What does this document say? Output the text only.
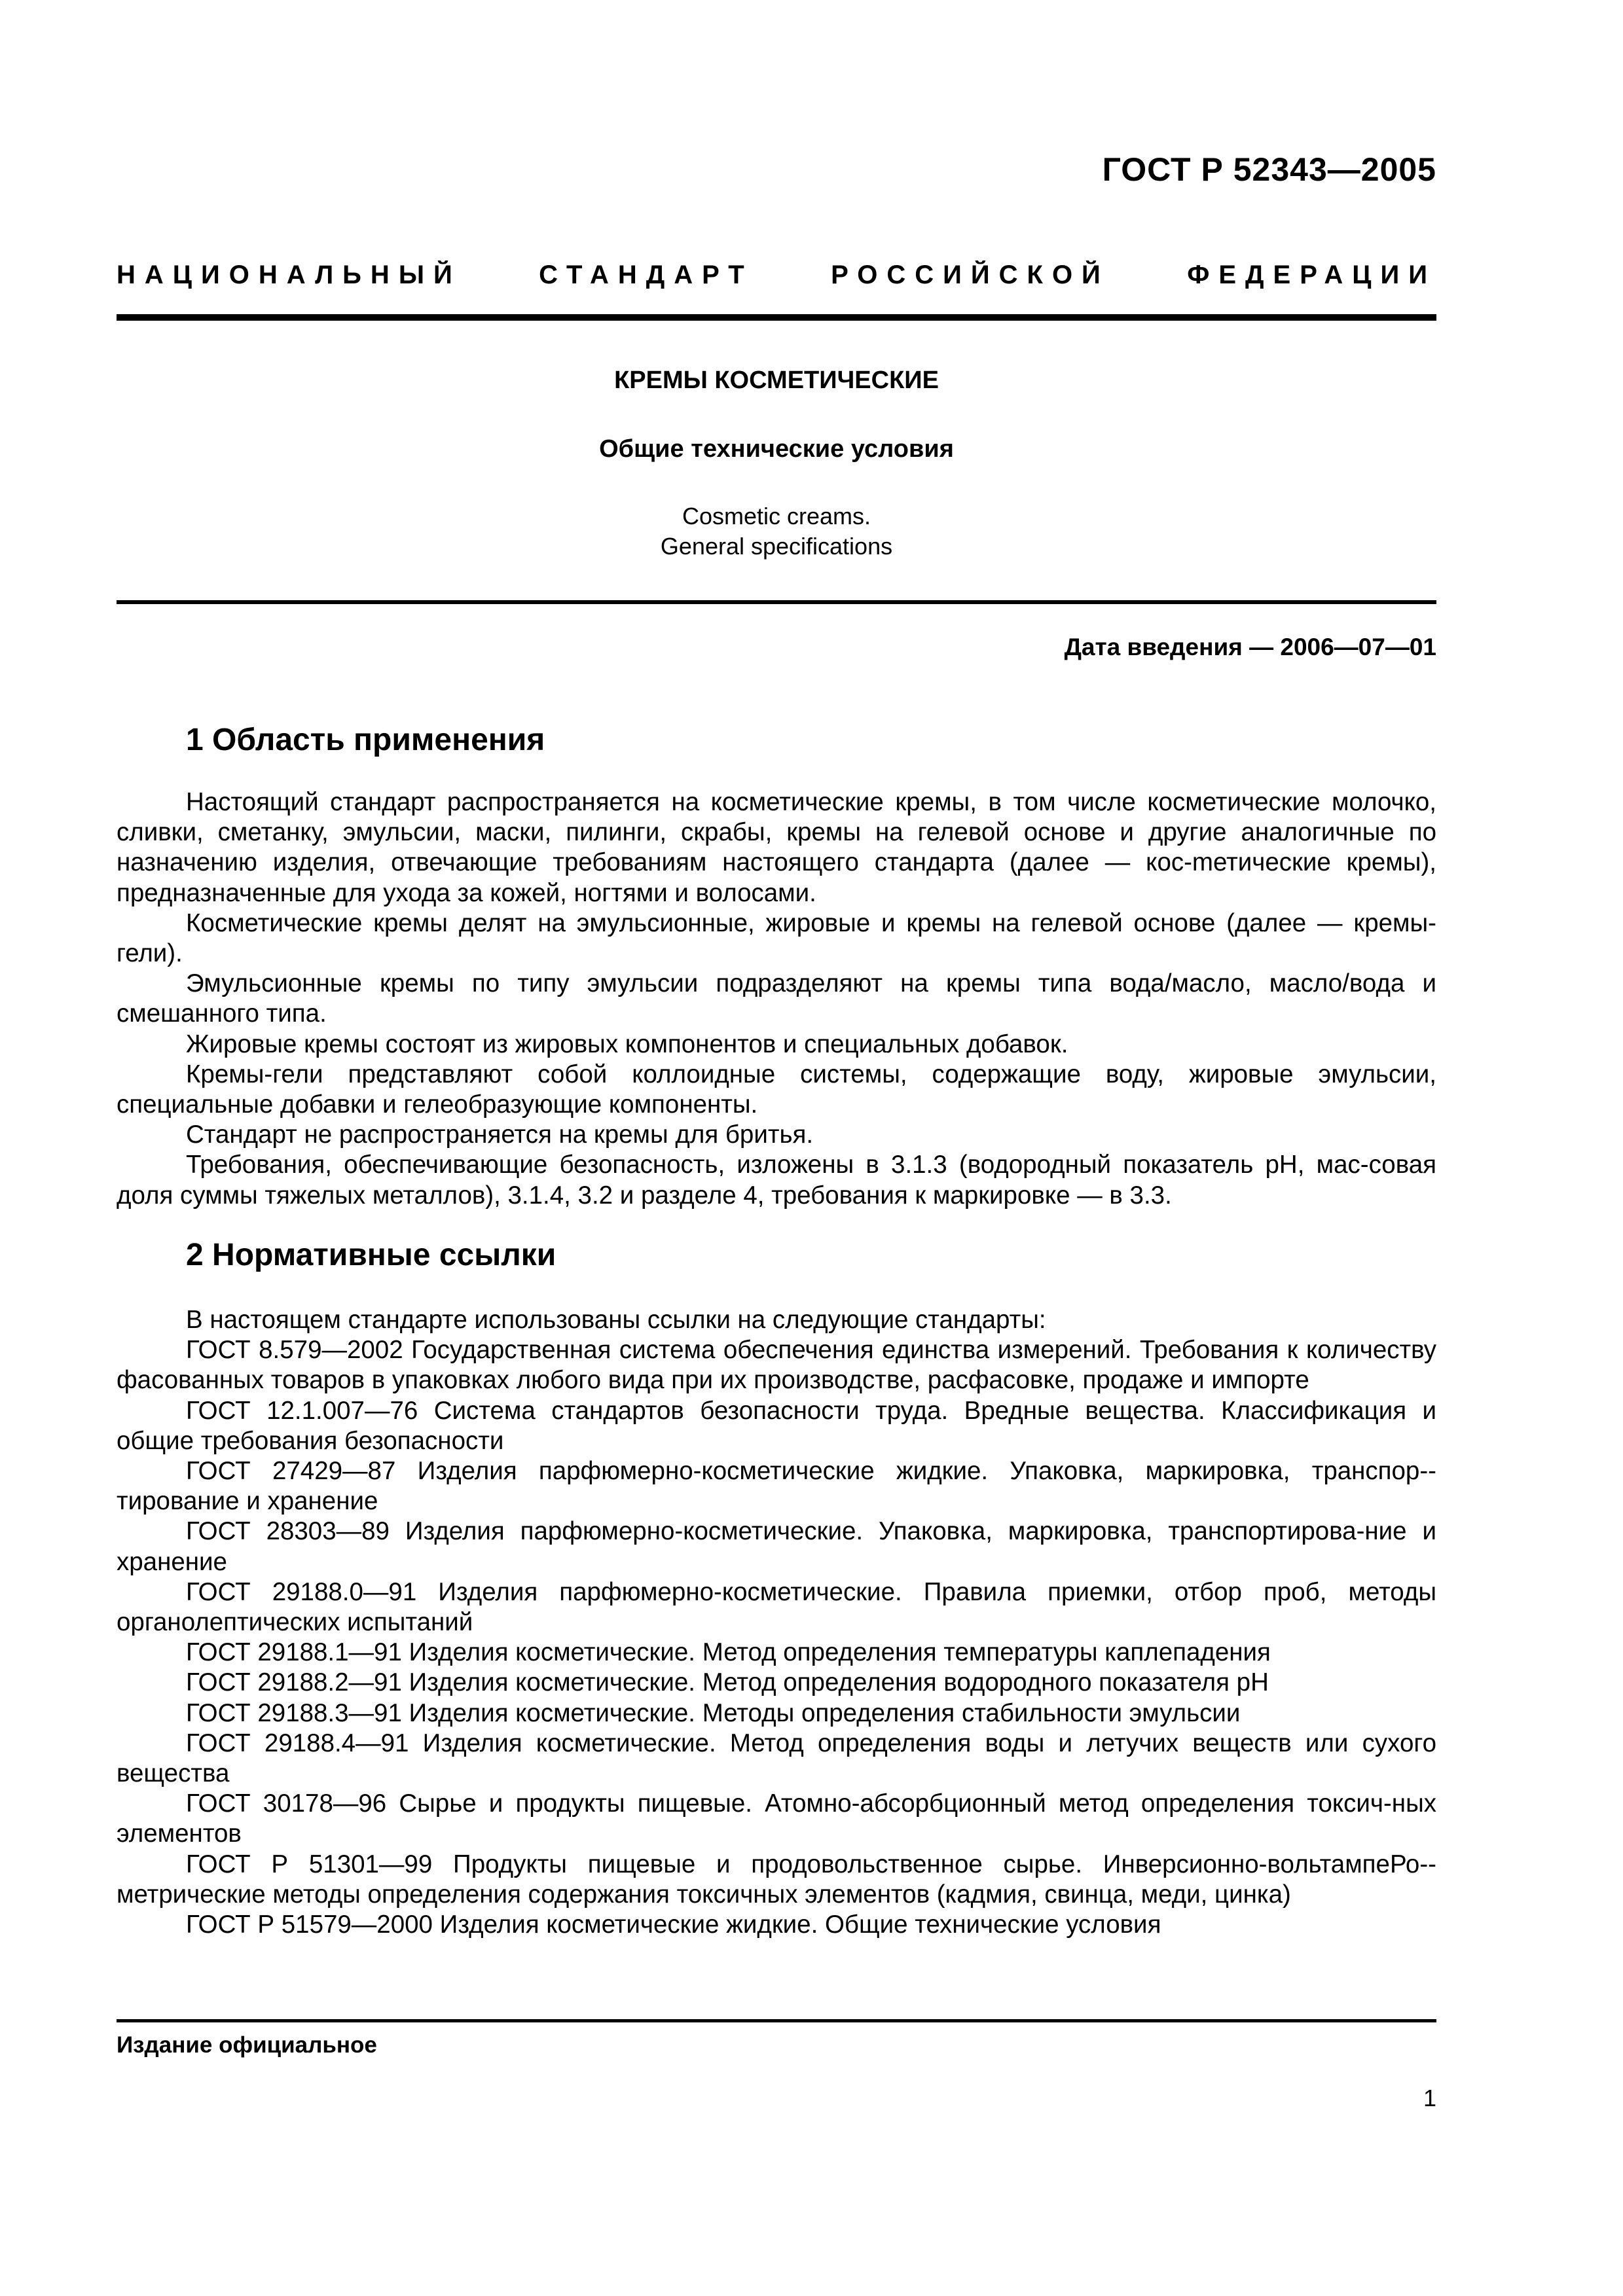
ГОСТ Р 52343—2005
НАЦИОНАЛЬНЫЙ СТАНДАРТ РОССИЙСКОЙ ФЕДЕРАЦИИ
КРЕМЫ КОСМЕТИЧЕСКИЕ
Общие технические условия
Cosmetic creams.
General specifications
Дата введения — 2006—07—01
1 Область применения

Настоящий стандарт распространяется на косметические кремы, в том числе косметические молочко, сливки, сметанку, эмульсии, маски, пилинги, скрабы, кремы на гелевой основе и другие аналогичные по назначению изделия, отвечающие требованиям настоящего стандарта (далее — кос-mетические кремы), предназначенные для ухода за кожей, ногтями и волосами.

Косметические кремы делят на эмульсионные, жировые и кремы на гелевой основе (далее — кремы-гели).

Эмульсионные кремы по типу эмульсии подразделяют на кремы типа вода/масло, масло/вода и смешанного типа.

Жировые кремы состоят из жировых компонентов и специальных добавок.

Кремы-гели представляют собой коллоидные системы, содержащие воду, жировые эмульсии, специальные добавки и гелеобразующие компоненты.

Стандарт не распространяется на кремы для бритья.

Требования, обеспечивающие безопасность, изложены в 3.1.3 (водородный показатель рН, мас-совая доля суммы тяжелых металлов), 3.1.4, 3.2 и разделе 4, требования к маркировке — в 3.3.

2 Нормативные ссылки

В настоящем стандарте использованы ссылки на следующие стандарты:

ГОСТ 8.579—2002 Государственная система обеспечения единства измерений. Требования к количеству фасованных товаров в упаковках любого вида при их производстве, расфасовке, продаже и импорте

ГОСТ 12.1.007—76 Система стандартов безопасности труда. Вредные вещества. Классификация и общие требования безопасности

ГОСТ 27429—87 Изделия парфюмерно-косметические жидкие. Упаковка, маркировка, транспор-тирование и хранение

ГОСТ 28303—89 Изделия парфюмерно-косметические. Упаковка, маркировка, транспортирова-ние и хранение

ГОСТ 29188.0—91 Изделия парфюмерно-косметические. Правила приемки, отбор проб, методы органолептических испытаний

ГОСТ 29188.1—91 Изделия косметические. Метод определения температуры каплепадения

ГОСТ 29188.2—91 Изделия косметические. Метод определения водородного показателя рН

ГОСТ 29188.3—91 Изделия косметические. Методы определения стабильности эмульсии

ГОСТ 29188.4—91 Изделия косметические. Метод определения воды и летучих веществ или сухого вещества

ГОСТ 30178—96 Сырье и продукты пищевые. Атомно-абсорбционный метод определения токсич-ных элементов

ГОСТ Р 51301—99 Продукты пищевые и продовольственное сырье. Инверсионно-вольтампеРо-метрические методы определения содержания токсичных элементов (кадмия, свинца, меди, цинка)

ГОСТ Р 51579—2000 Изделия косметические жидкие. Общие технические условия

Издание официальное
1
